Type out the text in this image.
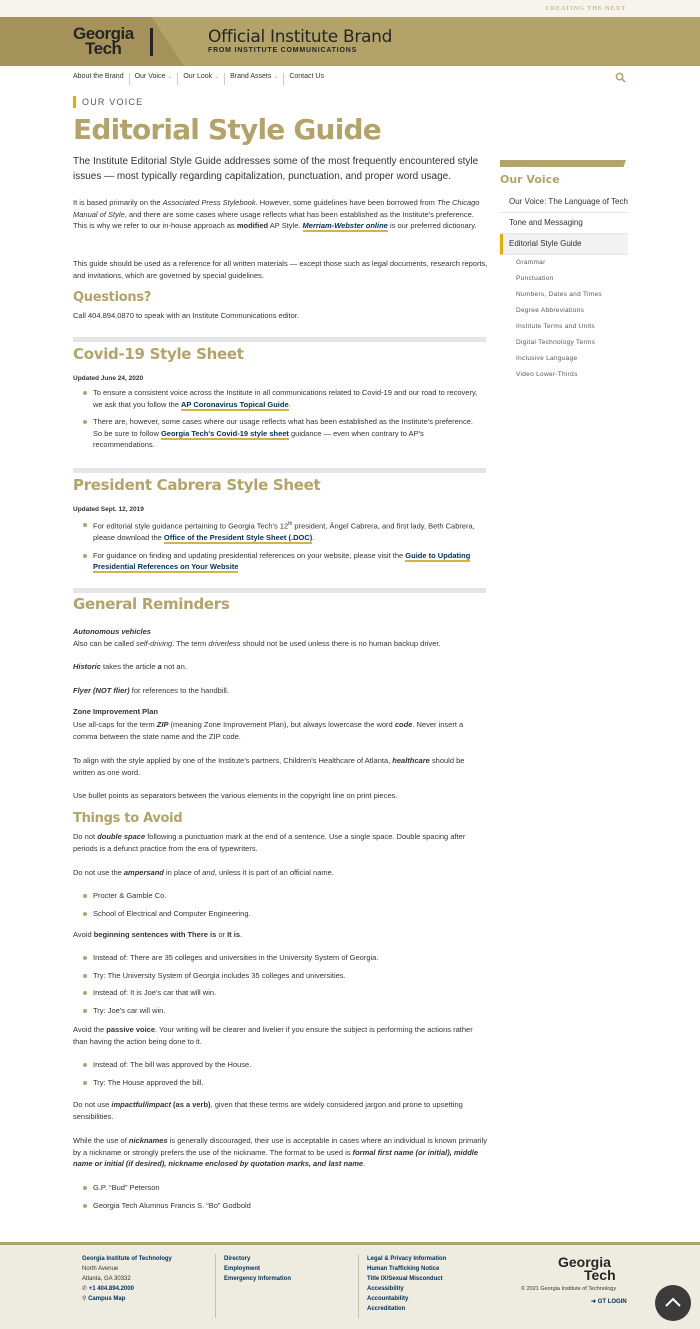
CREATING THE NEXT
Georgia
Tech
Official Institute Brand
FROM INSTITUTE COMMUNICATIONS
About the Brand	Our Voice ⌄	Our Look ⌄	Brand Assets ⌄	Contact Us
OUR VOICE
Editorial Style Guide

The Institute Editorial Style Guide addresses some of the most frequently encountered style issues — most typically regarding capitalization, punctuation, and proper word usage.

It is based primarily on the Associated Press Stylebook. However, some guidelines have been borrowed from The Chicago Manual of Style, and there are some cases where usage reflects what has been established as the Institute's preference. This is why we refer to our in-house approach as modified AP Style. Merriam-Webster online is our preferred dictionary.

This guide should be used as a reference for all written materials — except those such as legal documents, research reports, and invitations, which are governed by special guidelines.

Questions?

Call 404.894.0870 to speak with an Institute Communications editor.

Covid-19 Style Sheet
Updated June 24, 2020
To ensure a consistent voice across the Institute in all communications related to Covid-19 and our road to recovery, we ask that you follow the AP Coronavirus Topical Guide.
There are, however, some cases where our usage reflects what has been established as the Institute's preference. So be sure to follow Georgia Tech's Covid-19 style sheet guidance — even when contrary to AP's recommendations.
President Cabrera Style Sheet
Updated Sept. 12, 2019
For editorial style guidance pertaining to Georgia Tech's 12th president, Ángel Cabrera, and first lady, Beth Cabrera, please download the Office of the President Style Sheet (.DOC).
For guidance on finding and updating presidential references on your website, please visit the Guide to Updating Presidential References on Your Website
General Reminders
Autonomous vehicles

Also can be called self-driving. The term driverless should not be used unless there is no human backup driver.

Historic takes the article a not an.

Flyer (NOT flier) for references to the handbill.

Zone Improvement Plan

Use all-caps for the term ZIP (meaning Zone Improvement Plan), but always lowercase the word code. Never insert a comma between the state name and the ZIP code.

To align with the style applied by one of the Institute's partners, Children's Healthcare of Atlanta, healthcare should be written as one word.

Use bullet points as separators between the various elements in the copyright line on print pieces.

Things to Avoid

Do not double space following a punctuation mark at the end of a sentence. Use a single space. Double spacing after periods is a defunct practice from the era of typewriters.

Do not use the ampersand in place of and, unless it is part of an official name.

Procter & Gamble Co.
School of Electrical and Computer Engineering.

Avoid beginning sentences with There is or It is.

Instead of: There are 35 colleges and universities in the University System of Georgia.
Try: The University System of Georgia includes 35 colleges and universities.
Instead of: It is Joe's car that will win.
Try: Joe's car will win.

Avoid the passive voice. Your writing will be clearer and livelier if you ensure the subject is performing the actions rather than having the action being done to it.

Instead of: The bill was approved by the House.
Try: The House approved the bill.

Do not use impactful/impact (as a verb), given that these terms are widely considered jargon and prone to upsetting sensibilities.

While the use of nicknames is generally discouraged, their use is acceptable in cases where an individual is known primarily by a nickname or strongly prefers the use of the nickname. The format to be used is formal first name (or initial), middle name or initial (if desired), nickname enclosed by quotation marks, and last name.

G.P. “Bud” Peterson
Georgia Tech Alumnus Francis S. “Bo” Godbold
Our Voice
Our Voice: The Language of Tech
Tone and Messaging
Editorial Style Guide
Grammar
Punctuation
Numbers, Dates and Times
Degree Abbreviations
Institute Terms and Units
Digital Technology Terms
Inclusive Language
Video Lower-Thirds
Georgia Institute of Technology
North Avenue
Atlanta, GA 30332
✆ +1 404.894.2000
⚲ Campus Map
Directory
Employment
Emergency Information
Legal & Privacy Information
Human Trafficking Notice
Title IX/Sexual Misconduct
Accessibility
Accountability
Accreditation
Georgia
Tech
© 2021 Georgia Institute of Technology
➜ GT LOGIN
